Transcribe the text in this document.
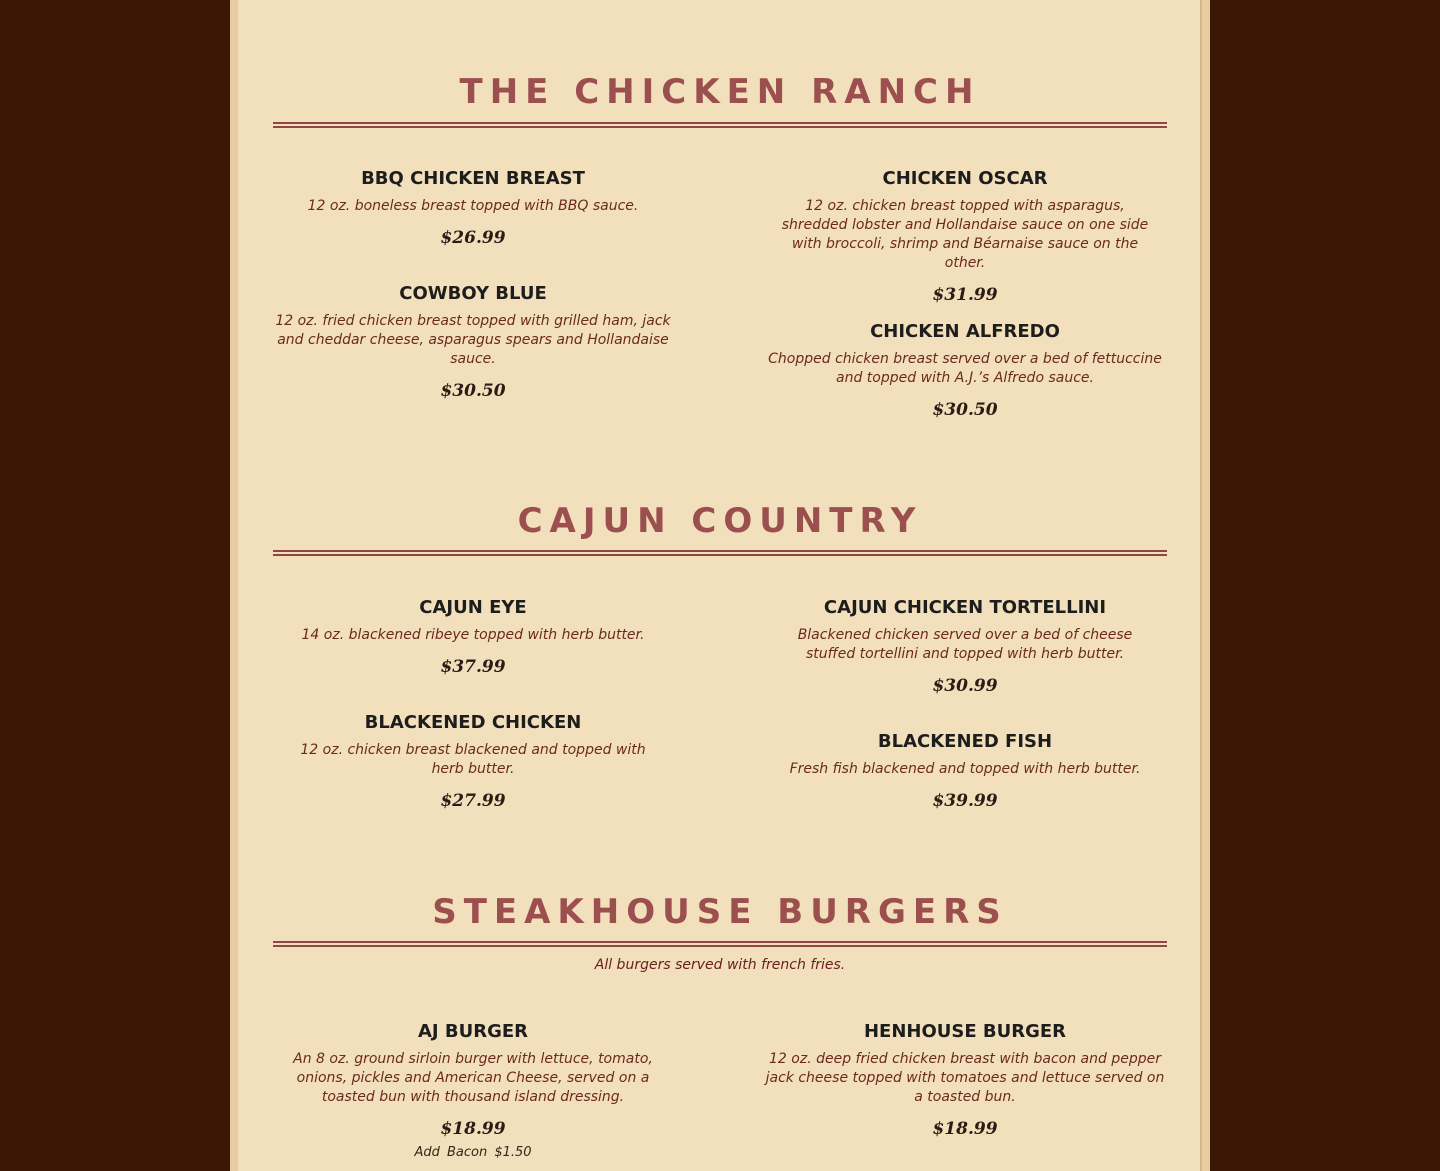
THE CHICKEN RANCH
BBQ CHICKEN BREAST
12 oz. boneless breast topped with BBQ sauce.
$26.99
CHICKEN OSCAR
12 oz. chicken breast topped with asparagus, shredded lobster and Hollandaise sauce on one side with broccoli, shrimp and Béarnaise sauce on the other.
$31.99
COWBOY BLUE
12 oz. fried chicken breast topped with grilled ham, jack and cheddar cheese, asparagus spears and Hollandaise sauce.
$30.50
CHICKEN ALFREDO
Chopped chicken breast served over a bed of fettuccine and topped with A.J.’s Alfredo sauce.
$30.50
CAJUN COUNTRY
CAJUN EYE
14 oz. blackened ribeye topped with herb butter.
$37.99
CAJUN CHICKEN TORTELLINI
Blackened chicken served over a bed of cheese stuffed tortellini and topped with herb butter.
$30.99
BLACKENED CHICKEN
12 oz. chicken breast blackened and topped with herb butter.
$27.99
BLACKENED FISH
Fresh fish blackened and topped with herb butter.
$39.99
STEAKHOUSE BURGERS
All burgers served with french fries.
AJ BURGER
An 8 oz. ground sirloin burger with lettuce, tomato, onions, pickles and American Cheese, served on a toasted bun with thousand island dressing.
$18.99
Add Bacon $1.50
HENHOUSE BURGER
12 oz. deep fried chicken breast with bacon and pepper jack cheese topped with tomatoes and lettuce served on a toasted bun.
$18.99
